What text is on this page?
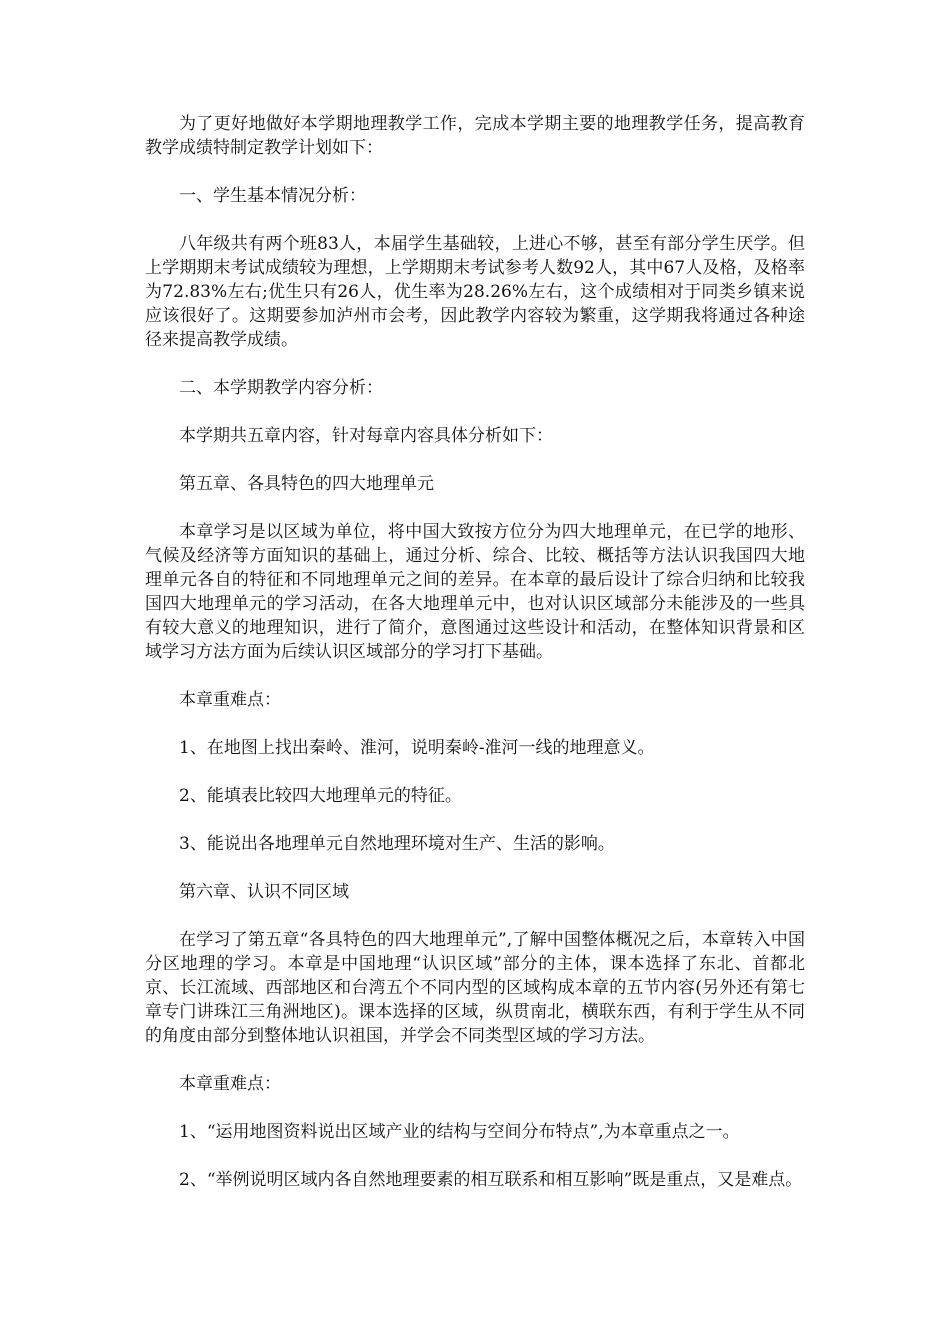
为了更好地做好本学期地理教学工作，完成本学期主要的地理教学任务，提高教育教学成绩特制定教学计划如下：

一、学生基本情况分析：

八年级共有两个班83人，本届学生基础较，上进心不够，甚至有部分学生厌学。但上学期期末考试成绩较为理想，上学期期末考试参考人数92人，其中67人及格，及格率为72.83%左右;优生只有26人，优生率为28.26%左右，这个成绩相对于同类乡镇来说应该很好了。这期要参加泸州市会考，因此教学内容较为繁重，这学期我将通过各种途径来提高教学成绩。

二、本学期教学内容分析：

本学期共五章内容，针对每章内容具体分析如下：

第五章、各具特色的四大地理单元

本章学习是以区域为单位，将中国大致按方位分为四大地理单元，在已学的地形、气候及经济等方面知识的基础上，通过分析、综合、比较、概括等方法认识我国四大地理单元各自的特征和不同地理单元之间的差异。在本章的最后设计了综合归纳和比较我国四大地理单元的学习活动，在各大地理单元中，也对认识区域部分未能涉及的一些具有较大意义的地理知识，进行了简介，意图通过这些设计和活动，在整体知识背景和区域学习方法方面为后续认识区域部分的学习打下基础。

本章重难点：

1、在地图上找出秦岭、淮河，说明秦岭-淮河一线的地理意义。

2、能填表比较四大地理单元的特征。

3、能说出各地理单元自然地理环境对生产、生活的影响。

第六章、认识不同区域

在学习了第五章“各具特色的四大地理单元”,了解中国整体概况之后，本章转入中国分区地理的学习。本章是中国地理“认识区域”部分的主体，课本选择了东北、首都北京、长江流域、西部地区和台湾五个不同内型的区域构成本章的五节内容(另外还有第七章专门讲珠江三角洲地区)。课本选择的区域，纵贯南北，横联东西，有利于学生从不同的角度由部分到整体地认识祖国，并学会不同类型区域的学习方法。

本章重难点：

1、“运用地图资料说出区域产业的结构与空间分布特点”,为本章重点之一。

2、“举例说明区域内各自然地理要素的相互联系和相互影响”既是重点，又是难点。
